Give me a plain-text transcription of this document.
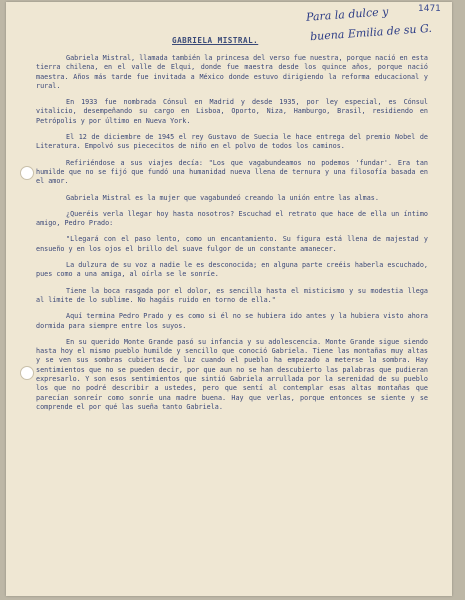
Para la dulce y
buena Emilia de su G.
1471
GABRIELA MISTRAL.

Gabriela Mistral, llamada también la princesa del verso fue nuestra, porque nació en esta tierra chilena, en el valle de Elqui, donde fue maestra desde los quince años, porque nació maestra. Años más tarde fue invitada a México donde estuvo dirigiendo la reforma educacional y rural.

En 1933 fue nombrada Cónsul en Madrid y desde 1935, por ley especial, es Cónsul vitalicio, desempeñando su cargo en Lisboa, Oporto, Niza, Hamburgo, Brasil, residiendo en Petrópolis y por último en Nueva York.

El 12 de diciembre de 1945 el rey Gustavo de Suecia le hace entrega del premio Nobel de Literatura. Empolvó sus piececitos de niño en el polvo de todos los caminos.

Refiriéndose a sus viajes decía: "Los que vagabundeamos no podemos 'fundar'. Era tan humilde que no se fijó que fundó una humanidad nueva llena de ternura y una filosofía basada en el amor.

Gabriela Mistral es la mujer que vagabundeó creando la unión entre las almas.

¿Queréis verla llegar hoy hasta nosotros? Escuchad el retrato que hace de ella un íntimo amigo, Pedro Prado:

"Llegará con el paso lento, como un encantamiento. Su figura está llena de majestad y ensueño y en los ojos el brillo del suave fulgor de un constante amanecer.

La dulzura de su voz a nadie le es desconocida; en alguna parte creéis haberla escuchado, pues como a una amiga, al oírla se le sonríe.

Tiene la boca rasgada por el dolor, es sencilla hasta el misticismo y su modestia llega al límite de lo sublime. No hagáis ruido en torno de ella."

Aquí termina Pedro Prado y es como si él no se hubiera ido antes y la hubiera visto ahora dormida para siempre entre los suyos.

En su querido Monte Grande pasó su infancia y su adolescencia. Monte Grande sigue siendo hasta hoy el mismo pueblo humilde y sencillo que conoció Gabriela. Tiene las montañas muy altas y se ven sus sombras cubiertas de luz cuando el pueblo ha empezado a meterse la sombra. Hay sentimientos que no se pueden decir, por que aun no se han descubierto las palabras que pudieran expresarlo. Y son esos sentimientos que sintió Gabriela arrullada por la serenidad de su pueblo los que no podré describir a ustedes, pero que sentí al contemplar esas altas montañas que parecían sonreír como sonríe una madre buena. Hay que verlas, porque entonces se siente y se comprende el por qué las sueña tanto Gabriela.
